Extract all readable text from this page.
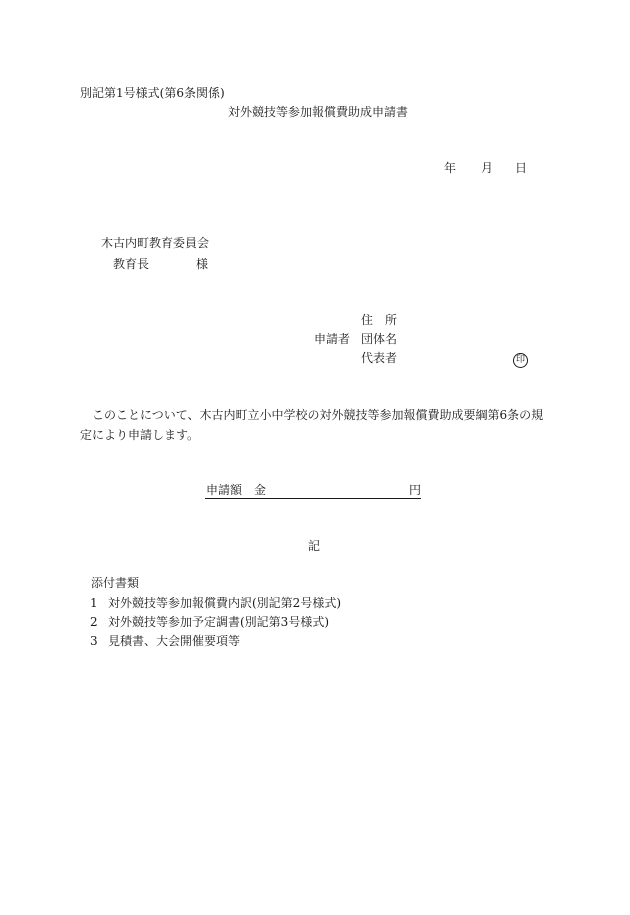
別記第1号様式(第6条関係)
対外競技等参加報償費助成申請書
年 月 日
木古内町教育委員会
教育長	様
住　所
申請者 団体名
代表者	印
このことについて、木古内町立小中学校の対外競技等参加報償費助成要綱第6条の規定により申請します。
申請額 金	円
記
添付書類
1 対外競技等参加報償費内訳(別記第2号様式)
2 対外競技等参加予定調書(別記第3号様式)
3 見積書、大会開催要項等
